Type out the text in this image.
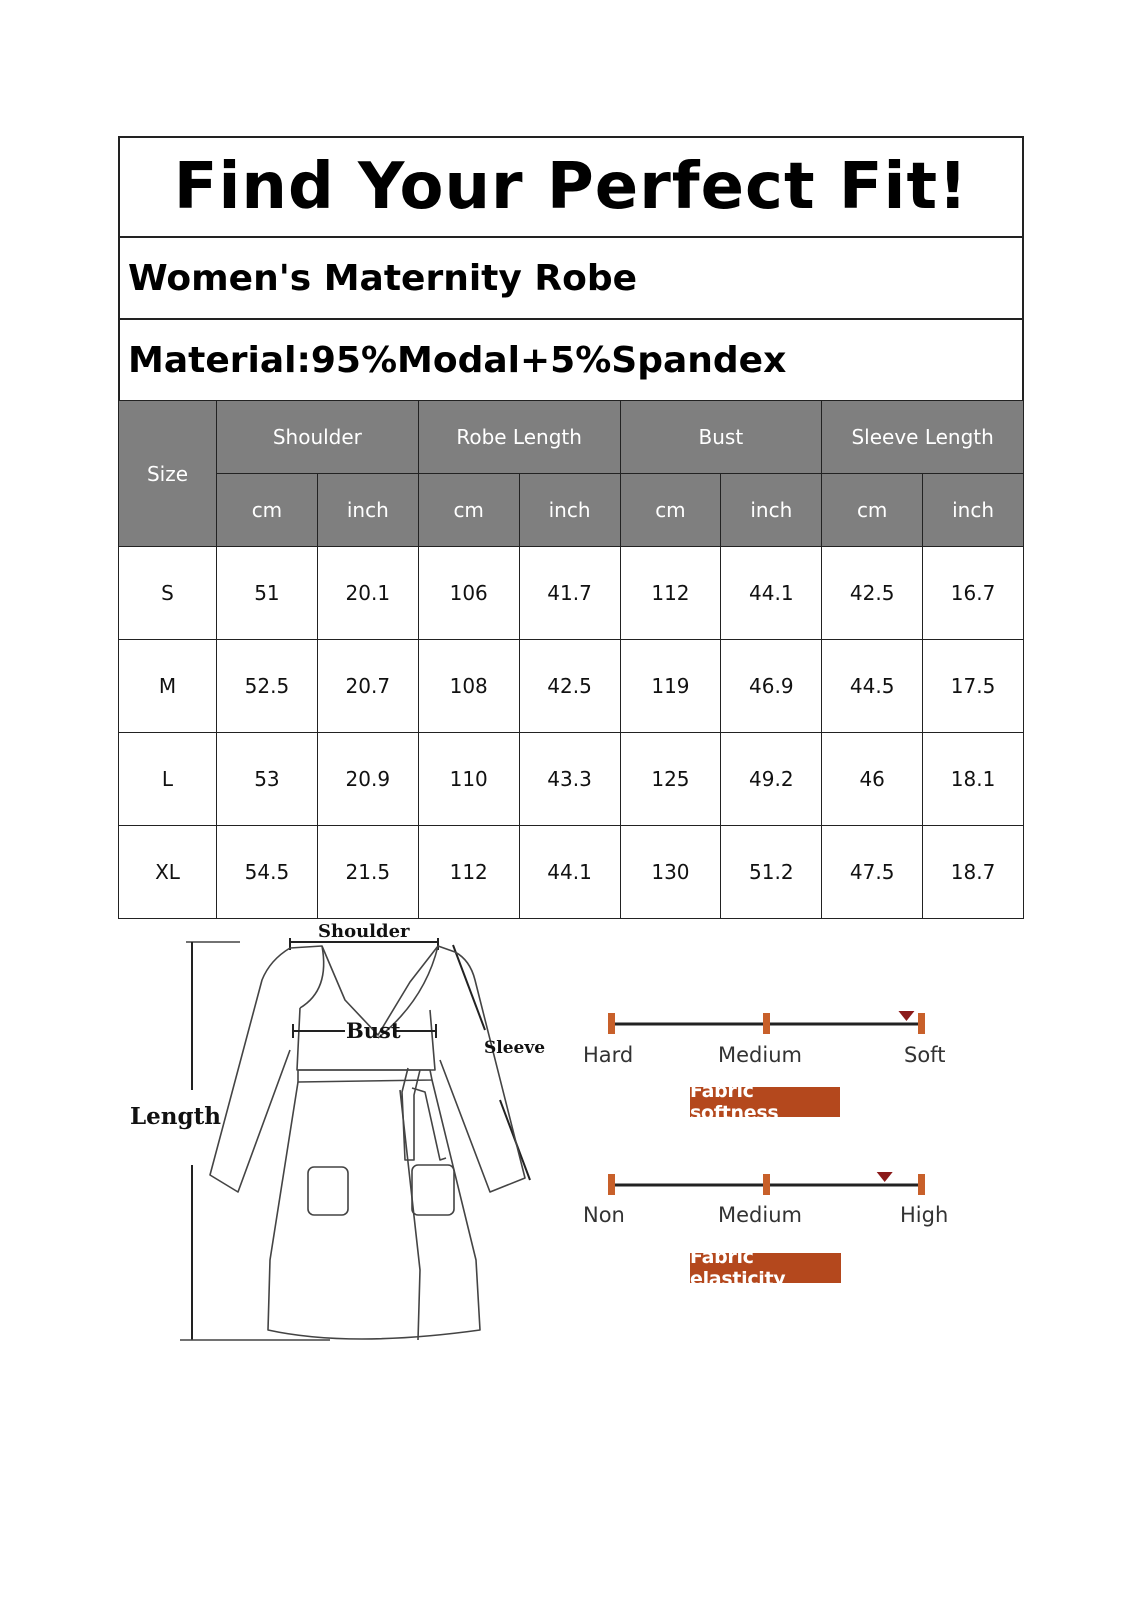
Find Your Perfect Fit!
Women's Maternity Robe
Material:95%Modal+5%Spandex
Size	Shoulder		Robe Length		Bust		Sleeve Length	
	cm	inch	cm	inch	cm	inch	cm	inch
S	51	20.1	106	41.7	112	44.1	42.5	16.7
M	52.5	20.7	108	42.5	119	46.9	44.5	17.5
L	53	20.9	110	43.3	125	49.2	46	18.1
XL	54.5	21.5	112	44.1	130	51.2	47.5	18.7
Shoulder
Bust
Sleeve
Length
Hard	Medium	Soft
Non	Medium	High
Fabric softness
Fabric elasticity
